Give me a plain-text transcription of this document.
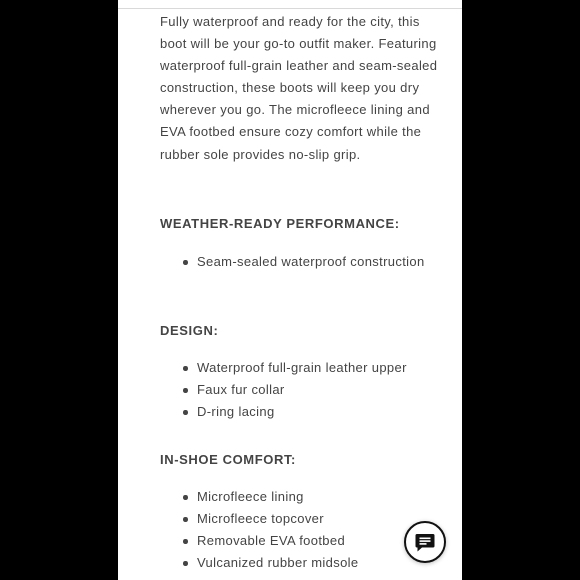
Fully waterproof and ready for the city, this boot will be your go-to outfit maker. Featuring waterproof full-grain leather and seam-sealed construction, these boots will keep you dry wherever you go. The microfleece lining and EVA footbed ensure cozy comfort while the rubber sole provides no-slip grip.

WEATHER-READY PERFORMANCE:
Seam-sealed waterproof construction
DESIGN:
Waterproof full-grain leather upper
Faux fur collar
D-ring lacing
IN-SHOE COMFORT:
Microfleece lining
Microfleece topcover
Removable EVA footbed
Vulcanized rubber midsole
